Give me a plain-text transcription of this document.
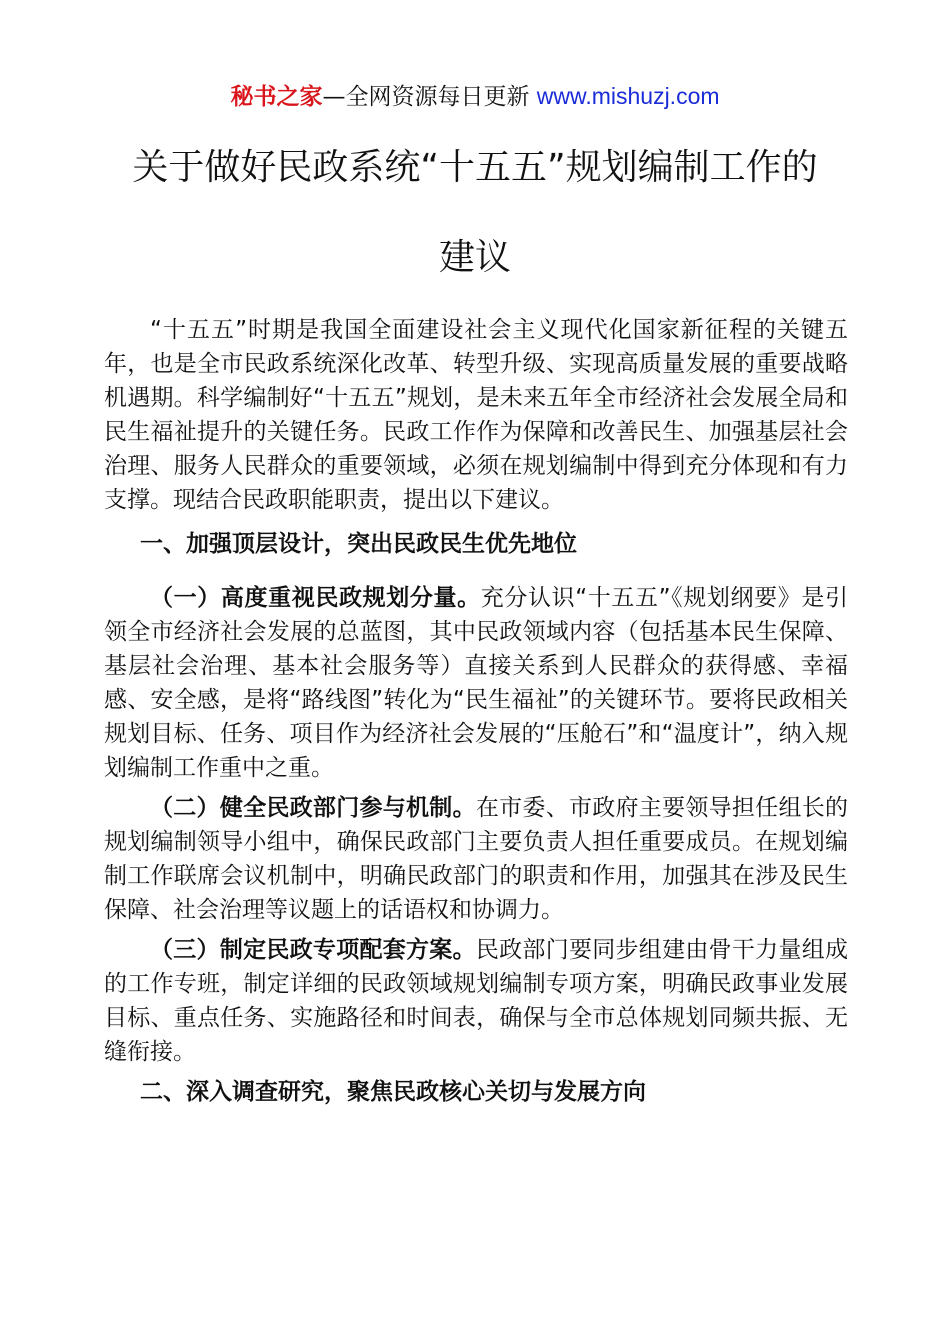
秘书之家—全网资源每日更新 www.mishuzj.com
关于做好民政系统“十五五”规划编制工作的
建议

“十五五”时期是我国全面建设社会主义现代化国家新征程的关键五年，也是全市民政系统深化改革、转型升级、实现高质量发展的重要战略机遇期。科学编制好“十五五”规划，是未来五年全市经济社会发展全局和民生福祉提升的关键任务。民政工作作为保障和改善民生、加强基层社会治理、服务人民群众的重要领域，必须在规划编制中得到充分体现和有力支撑。现结合民政职能职责，提出以下建议。

一、加强顶层设计，突出民政民生优先地位

（一）高度重视民政规划分量。充分认识“十五五”《规划纲要》是引领全市经济社会发展的总蓝图，其中民政领域内容（包括基本民生保障、基层社会治理、基本社会服务等）直接关系到人民群众的获得感、幸福感、安全感，是将“路线图”转化为“民生福祉”的关键环节。要将民政相关规划目标、任务、项目作为经济社会发展的“压舱石”和“温度计”，纳入规划编制工作重中之重。

（二）健全民政部门参与机制。在市委、市政府主要领导担任组长的规划编制领导小组中，确保民政部门主要负责人担任重要成员。在规划编制工作联席会议机制中，明确民政部门的职责和作用，加强其在涉及民生保障、社会治理等议题上的话语权和协调力。

（三）制定民政专项配套方案。民政部门要同步组建由骨干力量组成的工作专班，制定详细的民政领域规划编制专项方案，明确民政事业发展目标、重点任务、实施路径和时间表，确保与全市总体规划同频共振、无缝衔接。

二、深入调查研究，聚焦民政核心关切与发展方向
